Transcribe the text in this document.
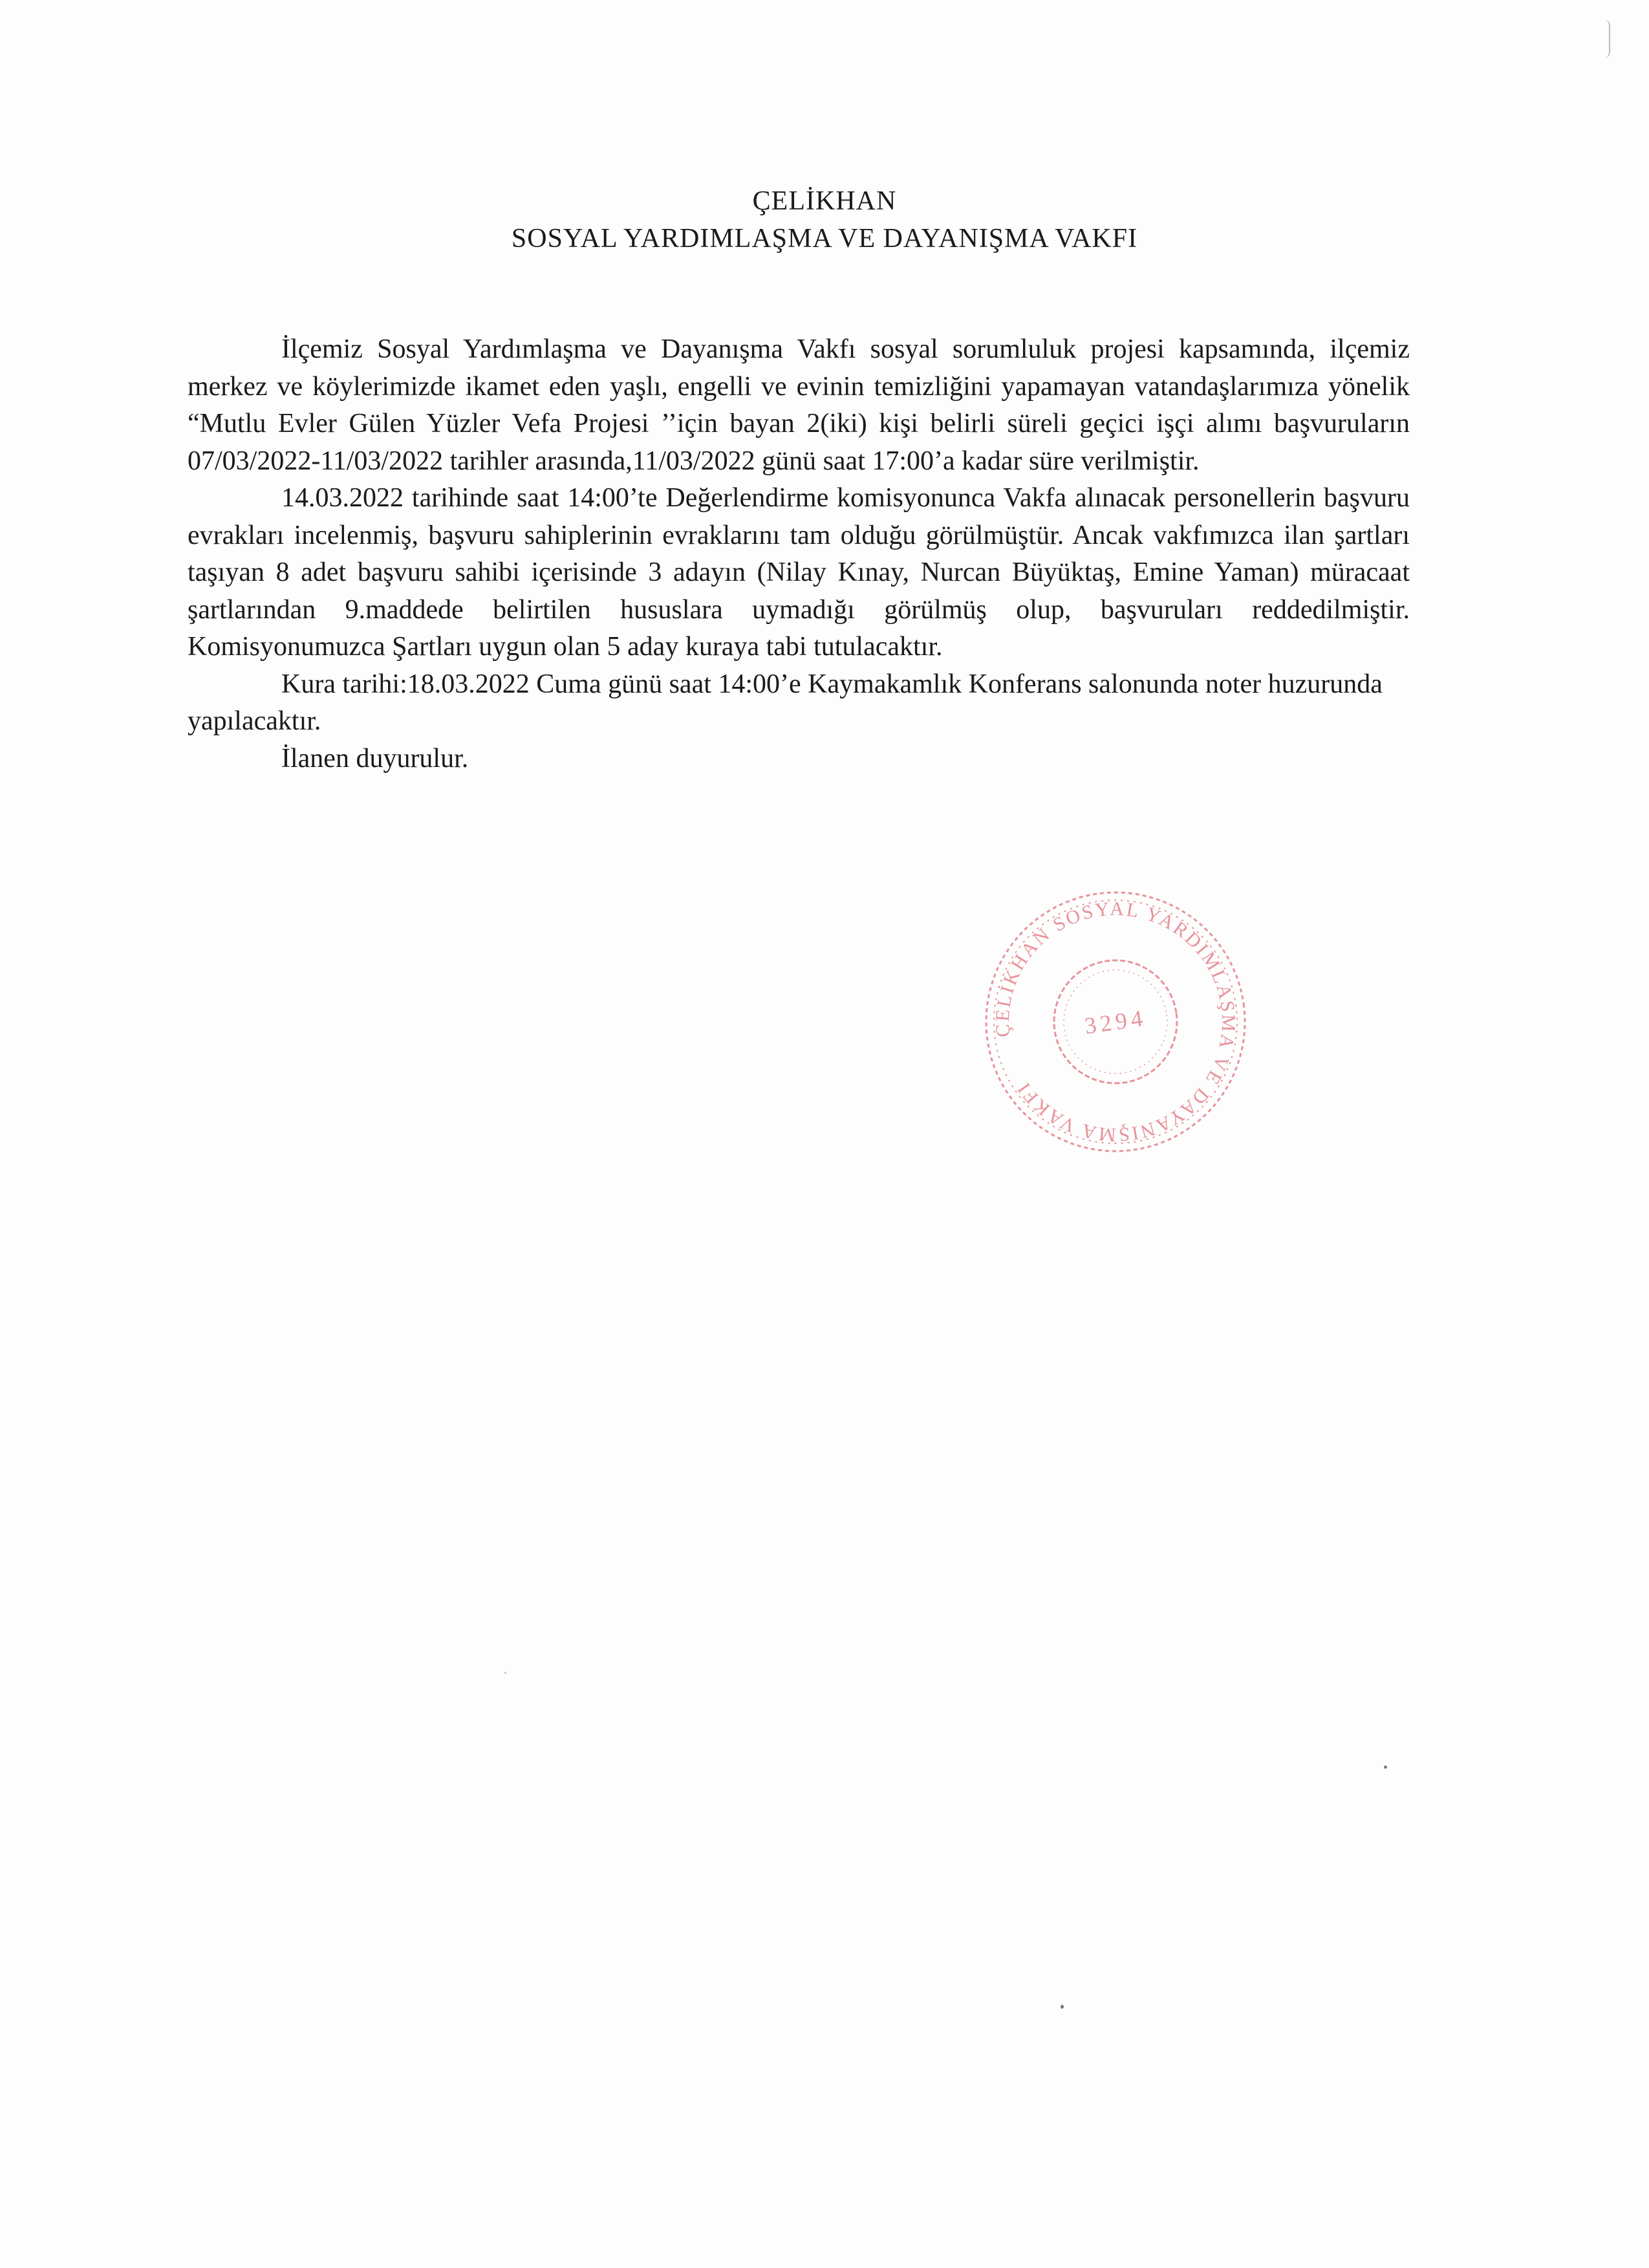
ÇELİKHAN
SOSYAL YARDIMLAŞMA VE DAYANIŞMA VAKFI

İlçemiz Sosyal Yardımlaşma ve Dayanışma Vakfı sosyal sorumluluk projesi kapsamında, ilçemiz merkez ve köylerimizde ikamet eden yaşlı, engelli ve evinin temizliğini yapamayan vatandaşlarımıza yönelik “Mutlu Evler Gülen Yüzler Vefa Projesi ’’için bayan 2(iki) kişi belirli süreli geçici işçi alımı başvuruların 07/03/2022-11/03/2022 tarihler arasında,11/03/2022 günü saat 17:00’a kadar süre verilmiştir.

14.03.2022 tarihinde saat 14:00’te Değerlendirme komisyonunca Vakfa alınacak personellerin başvuru evrakları incelenmiş, başvuru sahiplerinin evraklarını tam olduğu görülmüştür. Ancak vakfımızca ilan şartları taşıyan 8 adet başvuru sahibi içerisinde 3 adayın (Nilay Kınay, Nurcan Büyüktaş, Emine Yaman) müracaat şartlarından 9.maddede belirtilen hususlara uymadığı görülmüş olup, başvuruları reddedilmiştir. Komisyonumuzca Şartları uygun olan 5 aday kuraya tabi tutulacaktır.

Kura tarihi:18.03.2022 Cuma günü saat 14:00’e Kaymakamlık Konferans salonunda noter huzurunda yapılacaktır.

İlanen duyurulur.

ÇELİKHAN SOSYAL YARDIMLAŞMA VE DAYANIŞMA VAKFI
3294
